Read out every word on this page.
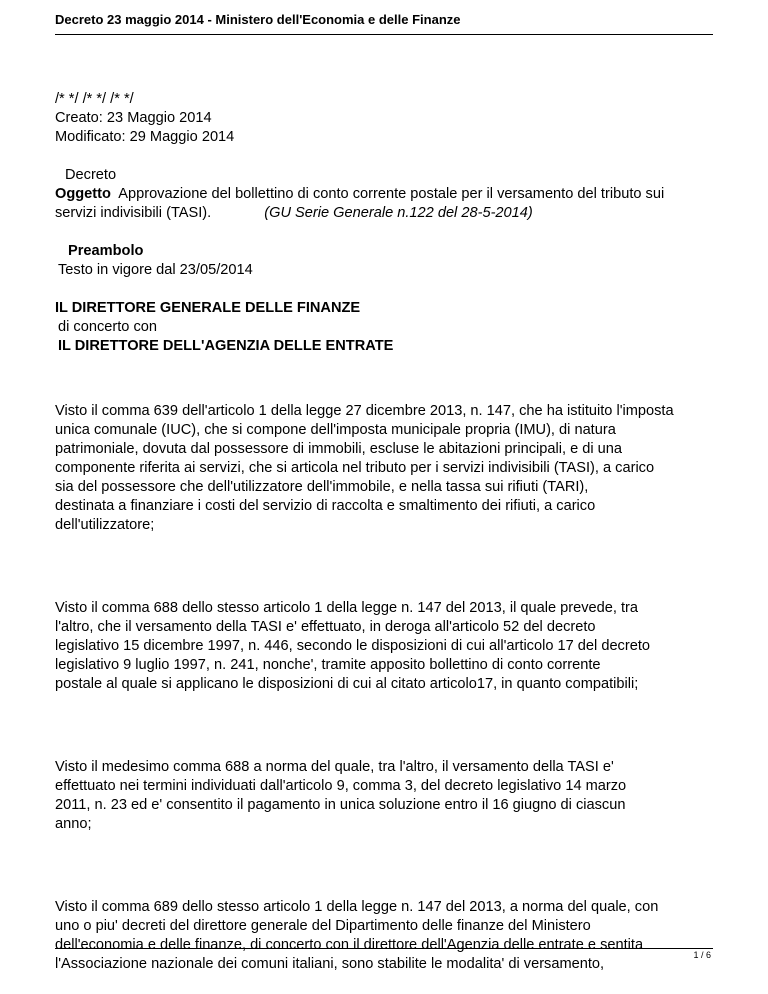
Decreto 23 maggio 2014 - Ministero dell'Economia e delle Finanze

/* */ /* */ /* */

Creato: 23 Maggio 2014

Modificato: 29 Maggio 2014

Decreto

Oggetto  Approvazione del bollettino di conto corrente postale per il versamento del tributo sui

servizi indivisibili (TASI).	(GU Serie Generale n.122 del 28-5-2014)

Preambolo

Testo in vigore dal 23/05/2014

IL DIRETTORE GENERALE DELLE FINANZE

di concerto con

IL DIRETTORE DELL'AGENZIA DELLE ENTRATE

Visto il comma 639 dell'articolo 1 della legge 27 dicembre 2013, n. 147, che ha istituito l'imposta
unica comunale (IUC), che si compone dell'imposta municipale propria (IMU), di natura
patrimoniale, dovuta dal possessore di immobili, escluse le abitazioni principali, e di una
componente riferita ai servizi, che si articola nel tributo per i servizi indivisibili (TASI), a carico
sia del possessore che dell'utilizzatore dell'immobile, e nella tassa sui rifiuti (TARI),
destinata a finanziare i costi del servizio di raccolta e smaltimento dei rifiuti, a carico
dell'utilizzatore;

Visto il comma 688 dello stesso articolo 1 della legge n. 147 del 2013, il quale prevede, tra
l'altro, che il versamento della TASI e' effettuato, in deroga all'articolo 52 del decreto
legislativo 15 dicembre 1997, n. 446, secondo le disposizioni di cui all'articolo 17 del decreto
legislativo 9 luglio 1997, n. 241, nonche', tramite apposito bollettino di conto corrente
postale al quale si applicano le disposizioni di cui al citato articolo17, in quanto compatibili;

Visto il medesimo comma 688 a norma del quale, tra l'altro, il versamento della TASI e'
effettuato nei termini individuati dall'articolo 9, comma 3, del decreto legislativo 14 marzo
2011, n. 23 ed e' consentito il pagamento in unica soluzione entro il 16 giugno di ciascun
anno;

Visto il comma 689 dello stesso articolo 1 della legge n. 147 del 2013, a norma del quale, con
uno o piu' decreti del direttore generale del Dipartimento delle finanze del Ministero
dell'economia e delle finanze, di concerto con il direttore dell'Agenzia delle entrate e sentita
l'Associazione nazionale dei comuni italiani, sono stabilite le modalita' di versamento,

1 / 6
